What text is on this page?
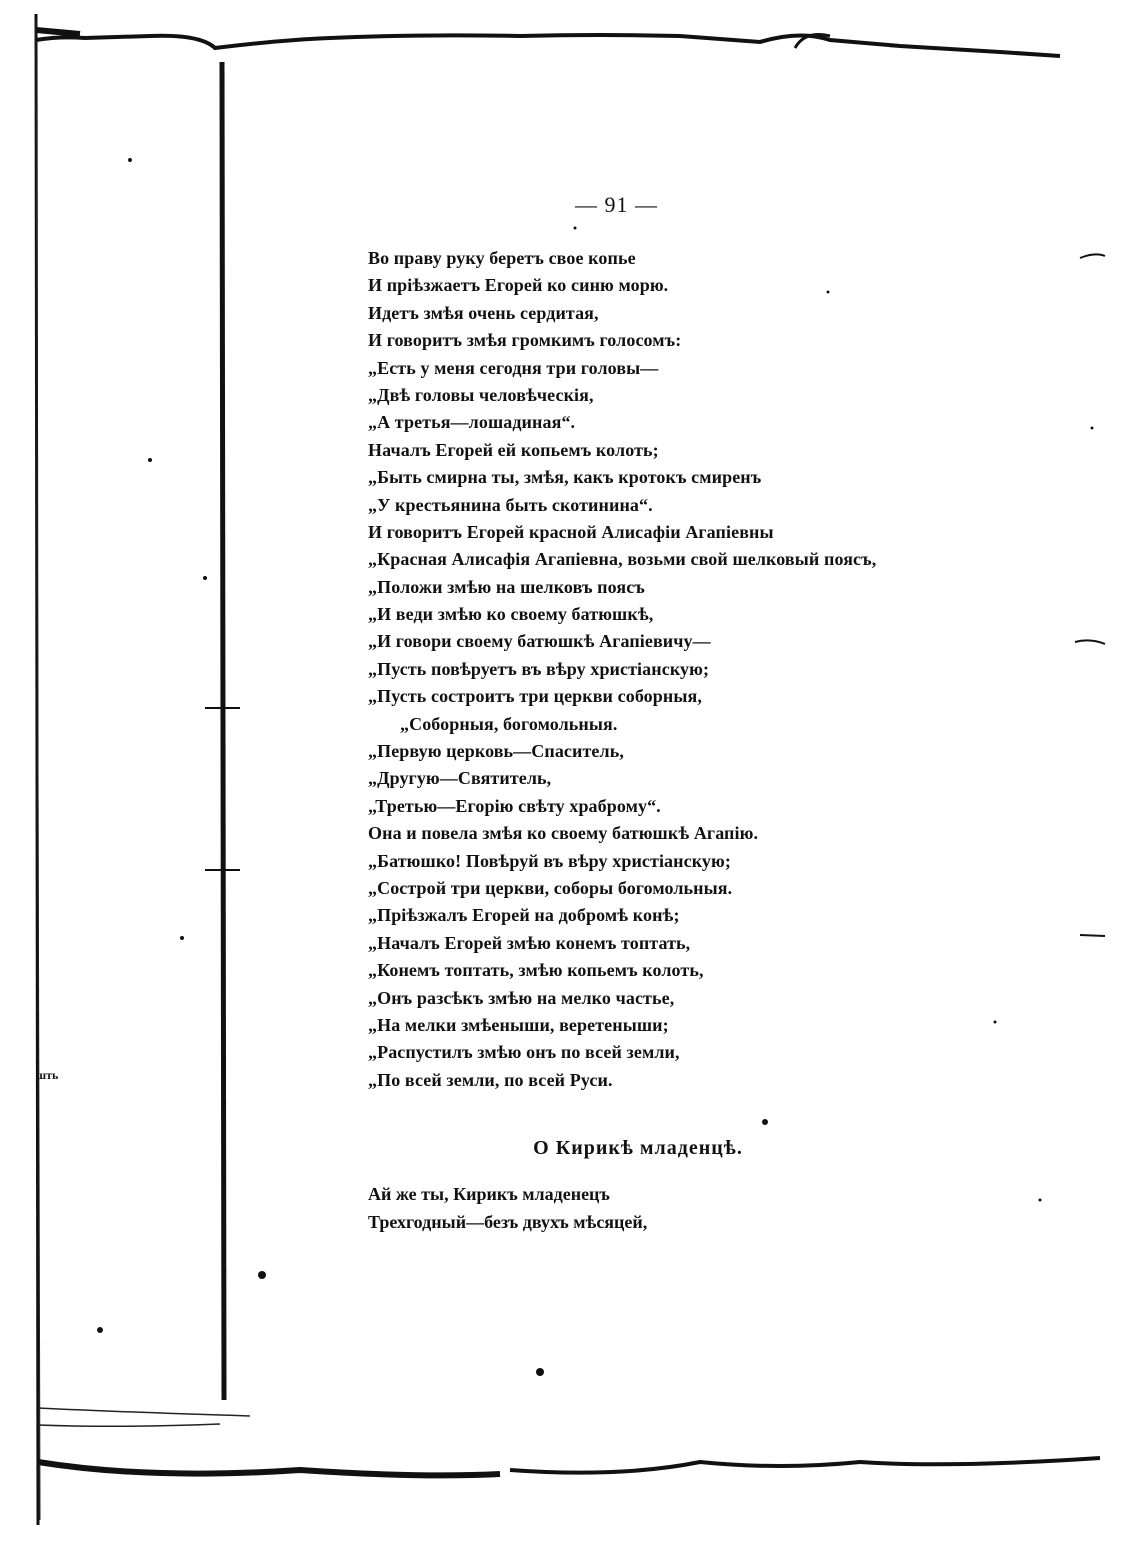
— 91 —
Во праву руку беретъ свое копье
И пріѣзжаетъ Егорей ко синю морю.
Идетъ змѣя очень сердитая,
И говоритъ змѣя громкимъ голосомъ:
„Есть у меня сегодня три головы—
„Двѣ головы человѣческія,
„А третья—лошадиная“.
Началъ Егорей ей копьемъ колоть;
„Быть смирна ты, змѣя, какъ кротокъ смиренъ
„У крестьянина быть скотинина“.
И говоритъ Егорей красной Алисафіи Агапіевны
„Красная Алисафія Агапіевна, возьми свой шелковый поясъ,
„Положи змѣю на шелковъ поясъ
„И веди змѣю ко своему батюшкѣ,
„И говори своему батюшкѣ Агапіевичу—
„Пусть повѣруетъ въ вѣру христіанскую;
„Пусть состроитъ три церкви соборныя,
„Соборныя, богомольныя.
„Первую церковь—Спаситель,
„Другую—Святитель,
„Третью—Егорію свѣту храброму“.
Она и повела змѣя ко своему батюшкѣ Агапію.
„Батюшко! Повѣруй въ вѣру христіанскую;
„Сострой три церкви, соборы богомольныя.
„Пріѣзжалъ Егорей на добромѣ конѣ;
„Началъ Егорей змѣю конемъ топтать,
„Конемъ топтать, змѣю копьемъ колоть,
„Онъ разсѣкъ змѣю на мелко частье,
„На мелки змѣеныши, веретеныши;
„Распустилъ змѣю онъ по всей земли,
„По всей земли, по всей Руси.
О Кирикѣ младенцѣ.
Ай же ты, Кирикъ младенецъ
Трехгодный—безъ двухъ мѣсяцей,
шть
